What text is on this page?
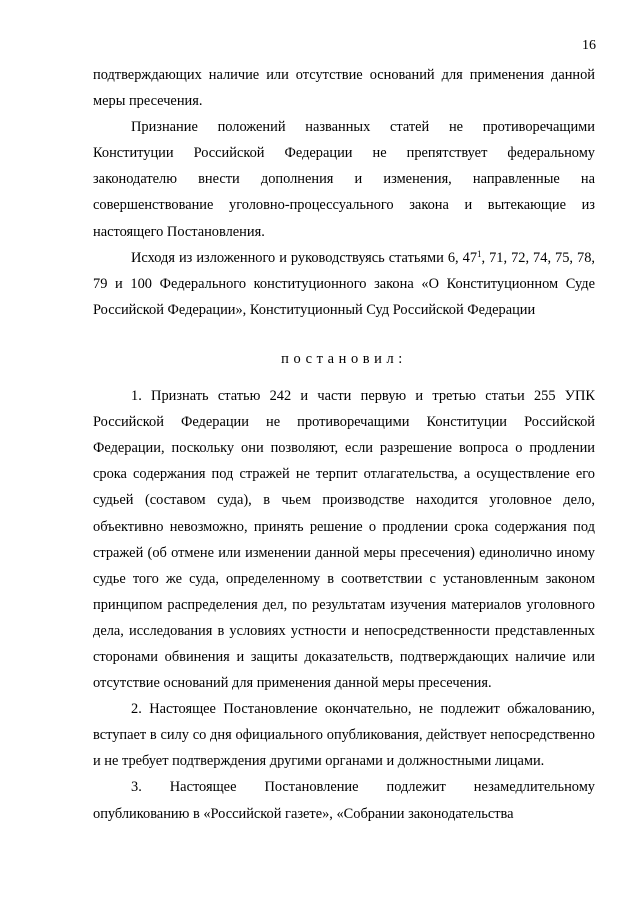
16

подтверждающих наличие или отсутствие оснований для применения данной меры пресечения.

Признание положений названных статей не противоречащими Конституции Российской Федерации не препятствует федеральному законодателю внести дополнения и изменения, направленные на совершенствование уголовно-процессуального закона и вытекающие из настоящего Постановления.

Исходя из изложенного и руководствуясь статьями 6, $47^1$, 71, 72, 74, 75, 78, 79 и 100 Федерального конституционного закона «О Конституционном Суде Российской Федерации», Конституционный Суд Российской Федерации

постановил:

1. Признать статью 242 и части первую и третью статьи 255 УПК Российской Федерации не противоречащими Конституции Российской Федерации, поскольку они позволяют, если разрешение вопроса о продлении срока содержания под стражей не терпит отлагательства, а осуществление его судьей (составом суда), в чьем производстве находится уголовное дело, объективно невозможно, принять решение о продлении срока содержания под стражей (об отмене или изменении данной меры пресечения) единолично иному судье того же суда, определенному в соответствии с установленным законом принципом распределения дел, по результатам изучения материалов уголовного дела, исследования в условиях устности и непосредственности представленных сторонами обвинения и защиты доказательств, подтверждающих наличие или отсутствие оснований для применения данной меры пресечения.

2. Настоящее Постановление окончательно, не подлежит обжалованию, вступает в силу со дня официального опубликования, действует непосредственно и не требует подтверждения другими органами и должностными лицами.

3. Настоящее Постановление подлежит незамедлительному опубликованию в «Российской газете», «Собрании законодательства
